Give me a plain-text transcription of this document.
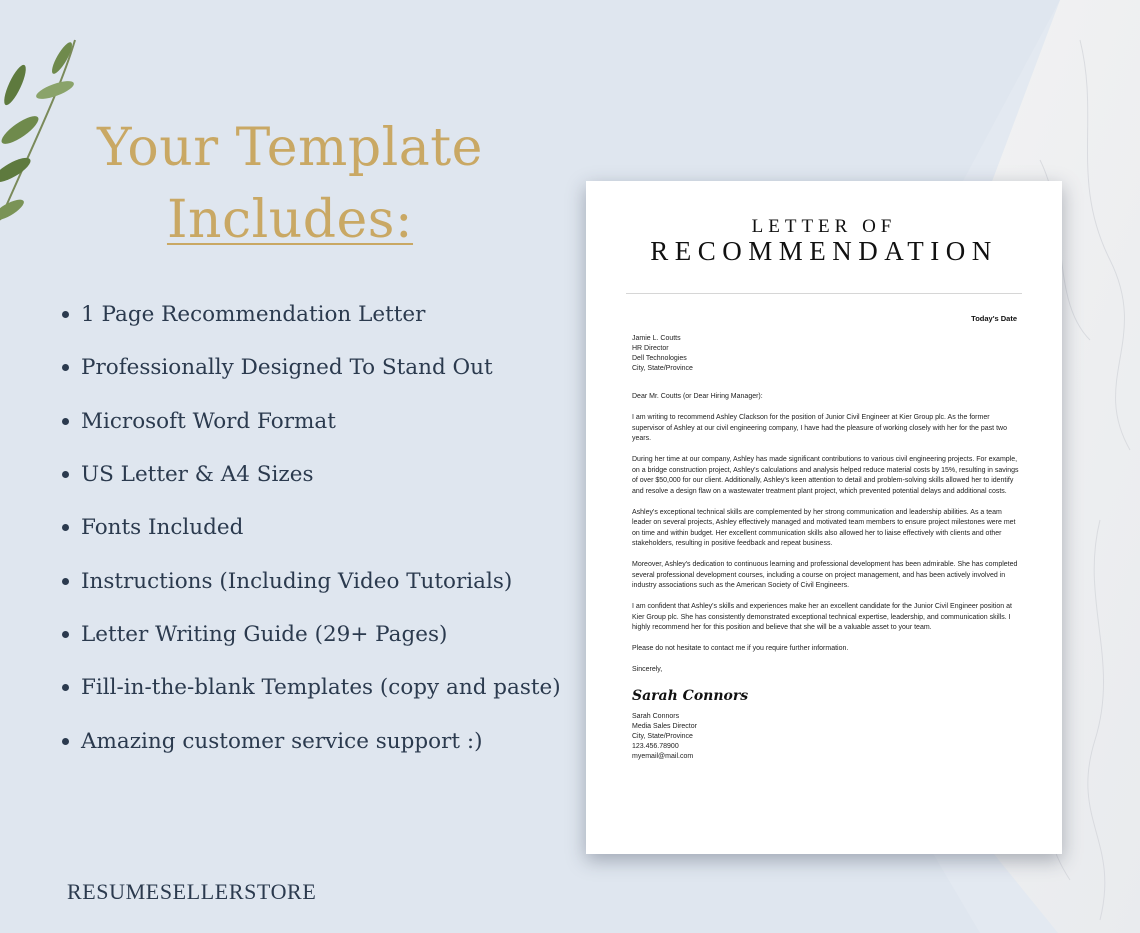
Your Template
Includes:
1 Page Recommendation Letter
Professionally Designed To Stand Out
Microsoft Word Format
US Letter & A4 Sizes
Fonts Included
Instructions (Including Video Tutorials)
Letter Writing Guide (29+ Pages)
Fill-in-the-blank Templates (copy and paste)
Amazing customer service support :)
RESUMESELLERSTORE
LETTER OF
RECOMMENDATION
Today's Date
Jamie L. Coutts
HR Director
Dell Technologies
City, State/Province

Dear Mr. Coutts (or Dear Hiring Manager):

I am writing to recommend Ashley Clackson for the position of Junior Civil Engineer at Kier Group plc. As the former supervisor of Ashley at our civil engineering company, I have had the pleasure of working closely with her for the past two years.

During her time at our company, Ashley has made significant contributions to various civil engineering projects. For example, on a bridge construction project, Ashley's calculations and analysis helped reduce material costs by 15%, resulting in savings of over $50,000 for our client. Additionally, Ashley's keen attention to detail and problem-solving skills allowed her to identify and resolve a design flaw on a wastewater treatment plant project, which prevented potential delays and additional costs.

Ashley's exceptional technical skills are complemented by her strong communication and leadership abilities. As a team leader on several projects, Ashley effectively managed and motivated team members to ensure project milestones were met on time and within budget. Her excellent communication skills also allowed her to liaise effectively with clients and other stakeholders, resulting in positive feedback and repeat business.

Moreover, Ashley's dedication to continuous learning and professional development has been admirable. She has completed several professional development courses, including a course on project management, and has been actively involved in industry associations such as the American Society of Civil Engineers.

I am confident that Ashley's skills and experiences make her an excellent candidate for the Junior Civil Engineer position at Kier Group plc. She has consistently demonstrated exceptional technical expertise, leadership, and communication skills. I highly recommend her for this position and believe that she will be a valuable asset to your team.

Please do not hesitate to contact me if you require further information.

Sincerely,
Sarah Connors
Sarah Connors
Media Sales Director
City, State/Province
123.456.78900
myemail@mail.com
